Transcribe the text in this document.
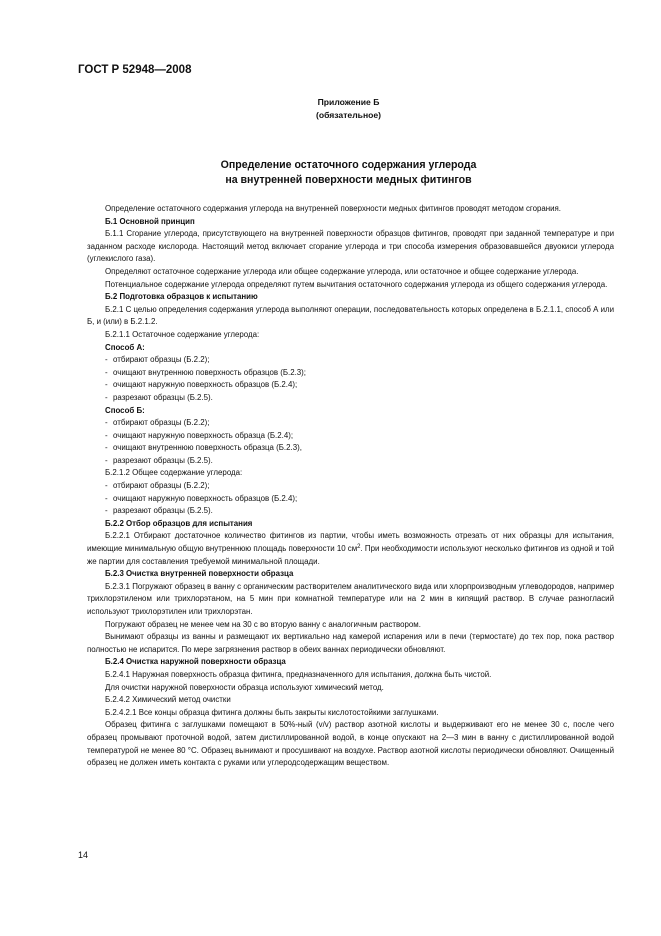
ГОСТ Р 52948—2008
Приложение Б
(обязательное)
Определение остаточного содержания углерода
на внутренней поверхности медных фитингов

Определение остаточного содержания углерода на внутренней поверхности медных фитингов проводят методом сгорания.

Б.1 Основной принцип

Б.1.1 Сгорание углерода, присутствующего на внутренней поверхности образцов фитингов, проводят при заданной температуре и при заданном расходе кислорода. Настоящий метод включает сгорание углерода и три способа измерения образовавшейся двуокиси углерода (углекислого газа).

Определяют остаточное содержание углерода или общее содержание углерода, или остаточное и общее содержание углерода.

Потенциальное содержание углерода определяют путем вычитания остаточного содержания углерода из общего содержания углерода.

Б.2 Подготовка образцов к испытанию

Б.2.1 С целью определения содержания углерода выполняют операции, последовательность которых определена в Б.2.1.1, способ А или Б, и (или) в Б.2.1.2.

Б.2.1.1 Остаточное содержание углерода:

Способ А:

- отбирают образцы (Б.2.2);
- очищают внутреннюю поверхность образцов (Б.2.3);
- очищают наружную поверхность образцов (Б.2.4);
- разрезают образцы (Б.2.5).

Способ Б:

- отбирают образцы (Б.2.2);
- очищают наружную поверхность образца (Б.2.4);
- очищают внутреннюю поверхность образца (Б.2.3),
- разрезают образцы (Б.2.5).

Б.2.1.2 Общее содержание углерода:

- отбирают образцы (Б.2.2);
- очищают наружную поверхность образцов (Б.2.4);
- разрезают образцы (Б.2.5).

Б.2.2 Отбор образцов для испытания

Б.2.2.1 Отбирают достаточное количество фитингов из партии, чтобы иметь возможность отрезать от них образцы для испытания, имеющие минимальную общую внутреннюю площадь поверхности 10 $см^2$. При необходимости используют несколько фитингов из одной и той же партии для составления требуемой минимальной площади.

Б.2.3 Очистка внутренней поверхности образца

Б.2.3.1 Погружают образец в ванну с органическим растворителем аналитического вида или хлорпроизводным углеводородов, например трихлорэтиленом или трихлорэтаном, на 5 мин при комнатной температуре или на 2 мин в кипящий раствор. В случае разногласий используют трихлорэтилен или трихлорэтан.

Погружают образец не менее чем на 30 с во вторую ванну с аналогичным раствором.

Вынимают образцы из ванны и размещают их вертикально над камерой испарения или в печи (термостате) до тех пор, пока раствор полностью не испарится. По мере загрязнения раствор в обеих ваннах периодически обновляют.

Б.2.4 Очистка наружной поверхности образца

Б.2.4.1 Наружная поверхность образца фитинга, предназначенного для испытания, должна быть чистой.

Для очистки наружной поверхности образца используют химический метод.

Б.2.4.2 Химический метод очистки

Б.2.4.2.1 Все концы образца фитинга должны быть закрыты кислотостойкими заглушками.

Образец фитинга с заглушками помещают в 50%-ный (v/v) раствор азотной кислоты и выдерживают его не менее 30 с, после чего образец промывают проточной водой, затем дистиллированной водой, в конце опускают на 2—3 мин в ванну с дистиллированной водой температурой не менее 80 °С. Образец вынимают и просушивают на воздухе. Раствор азотной кислоты периодически обновляют. Очищенный образец не должен иметь контакта с руками или углеродсодержащим веществом.

14
